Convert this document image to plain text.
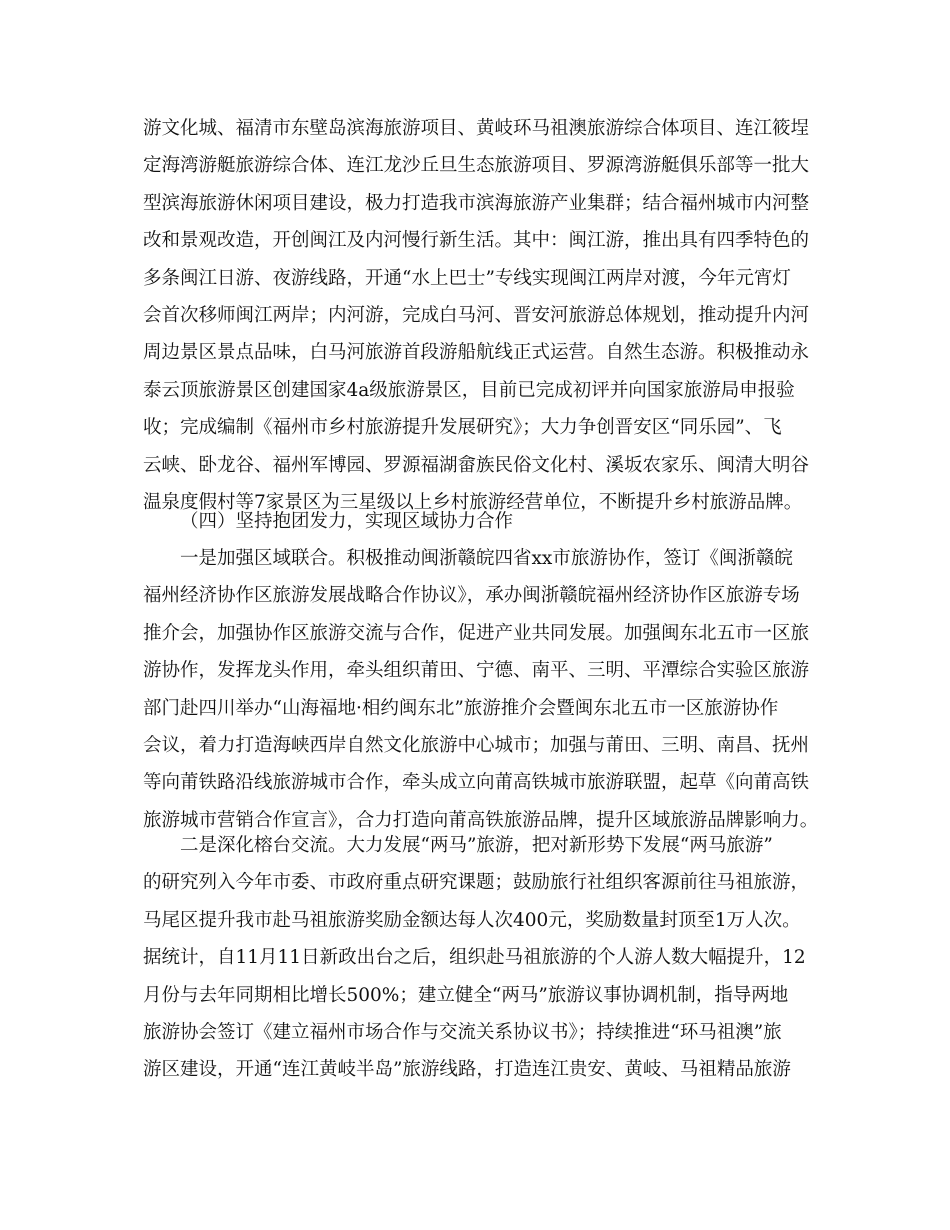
游文化城、福清市东壁岛滨海旅游项目、黄岐环马祖澳旅游综合体项目、连江筱埕
定海湾游艇旅游综合体、连江龙沙丘旦生态旅游项目、罗源湾游艇俱乐部等一批大
型滨海旅游休闲项目建设，极力打造我市滨海旅游产业集群；结合福州城市内河整
改和景观改造，开创闽江及内河慢行新生活。其中：闽江游，推出具有四季特色的
多条闽江日游、夜游线路，开通“水上巴士”专线实现闽江两岸对渡，今年元宵灯
会首次移师闽江两岸；内河游，完成白马河、晋安河旅游总体规划，推动提升内河
周边景区景点品味，白马河旅游首段游船航线正式运营。自然生态游。积极推动永
泰云顶旅游景区创建国家4a级旅游景区，目前已完成初评并向国家旅游局申报验
收；完成编制《福州市乡村旅游提升发展研究》；大力争创晋安区“同乐园”、飞
云峡、卧龙谷、福州军博园、罗源福湖畲族民俗文化村、溪坂农家乐、闽清大明谷
温泉度假村等7家景区为三星级以上乡村旅游经营单位，不断提升乡村旅游品牌。
（四）坚持抱团发力，实现区域协力合作
一是加强区域联合。积极推动闽浙赣皖四省xx市旅游协作，签订《闽浙赣皖
福州经济协作区旅游发展战略合作协议》，承办闽浙赣皖福州经济协作区旅游专场
推介会，加强协作区旅游交流与合作，促进产业共同发展。加强闽东北五市一区旅
游协作，发挥龙头作用，牵头组织莆田、宁德、南平、三明、平潭综合实验区旅游
部门赴四川举办“山海福地·相约闽东北”旅游推介会暨闽东北五市一区旅游协作
会议，着力打造海峡西岸自然文化旅游中心城市；加强与莆田、三明、南昌、抚州
等向莆铁路沿线旅游城市合作，牵头成立向莆高铁城市旅游联盟，起草《向莆高铁
旅游城市营销合作宣言》，合力打造向莆高铁旅游品牌，提升区域旅游品牌影响力。
二是深化榕台交流。大力发展“两马”旅游，把对新形势下发展“两马旅游”
的研究列入今年市委、市政府重点研究课题；鼓励旅行社组织客源前往马祖旅游，
马尾区提升我市赴马祖旅游奖励金额达每人次400元，奖励数量封顶至1万人次。
据统计，自11月11日新政出台之后，组织赴马祖旅游的个人游人数大幅提升，12
月份与去年同期相比增长500%；建立健全“两马”旅游议事协调机制，指导两地
旅游协会签订《建立福州市场合作与交流关系协议书》；持续推进“环马祖澳”旅
游区建设，开通“连江黄岐半岛”旅游线路，打造连江贵安、黄岐、马祖精品旅游
